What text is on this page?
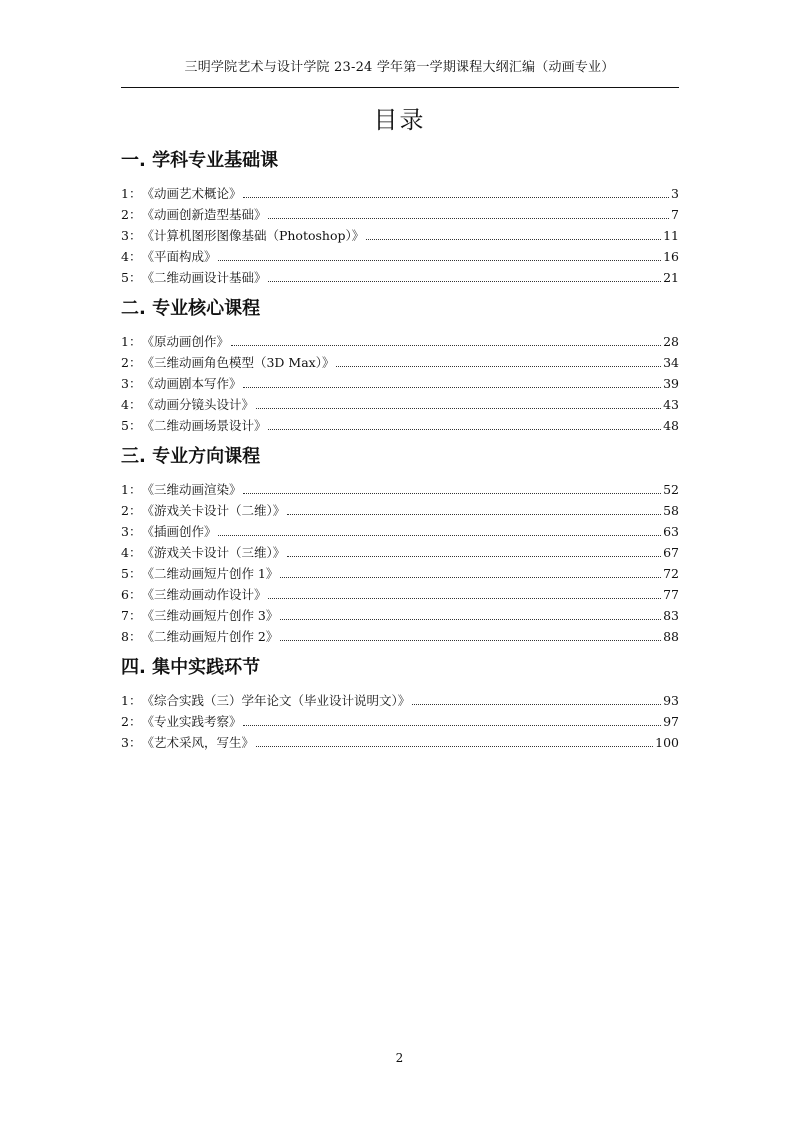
三明学院艺术与设计学院 23-24 学年第一学期课程大纲汇编（动画专业）
目录
一. 学科专业基础课
1： 《动画艺术概论》	3
2： 《动画创新造型基础》	7
3： 《计算机图形图像基础（Photoshop）》	11
4： 《平面构成》	16
5： 《二维动画设计基础》	21
二. 专业核心课程
1： 《原动画创作》	28
2： 《三维动画角色模型（3D Max）》	34
3： 《动画剧本写作》	39
4： 《动画分镜头设计》	43
5： 《二维动画场景设计》	48
三. 专业方向课程
1： 《三维动画渲染》	52
2： 《游戏关卡设计（二维）》	58
3： 《插画创作》	63
4： 《游戏关卡设计（三维）》	67
5： 《二维动画短片创作 1》	72
6： 《三维动画动作设计》	77
7： 《三维动画短片创作 3》	83
8： 《二维动画短片创作 2》	88
四. 集中实践环节
1： 《综合实践（三）学年论文（毕业设计说明文）》	93
2： 《专业实践考察》	97
3： 《艺术采风，写生》	100
2
